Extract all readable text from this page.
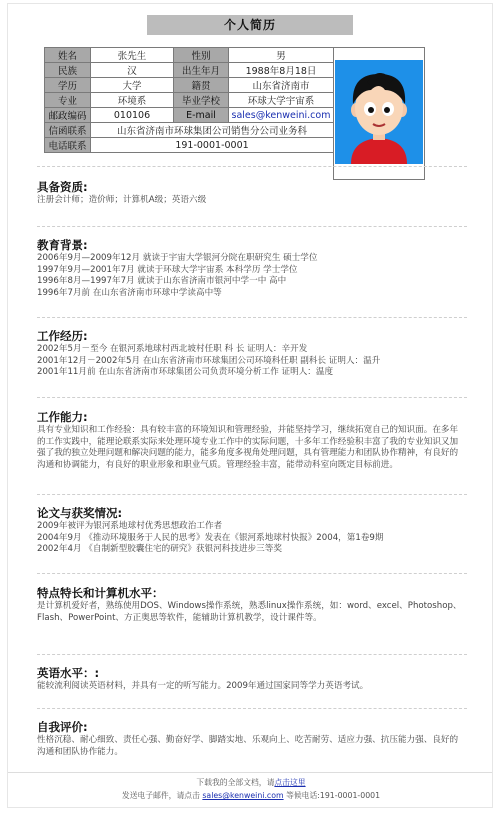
个人简历
姓名	张先生	性别	男	
民族	汉	出生年月	1988年8月18日	
学历	大学	籍贯	山东省济南市	
专业	环境系	毕业学校	环球大学宇宙系	
邮政编码	010106	E-mail	sales@kenweini.com	
信函联系	山东省济南市环球集团公司销售分公司业务科			
电话联系	191-0001-0001			

具备资质:

注册会计师；造价师；计算机A级；英语六级

教育背景:

2006年9月—2009年12月 就读于宇宙大学银河分院在职研究生 硕士学位

1997年9月—2001年7月 就读于环球大学宇宙系 本科学历 学士学位

1996年8月—1997年7月 就读于山东省济南市银河中学一中 高中

1996年7月前 在山东省济南市环球中学读高中等

工作经历:

2002年5月－至今 在银河系地球村西北坡村任职 科 长 证明人：辛开发

2001年12月－2002年5月 在山东省济南市环球集团公司环境科任职 副科长 证明人：温升

2001年11月前 在山东省济南市环球集团公司负责环境分析工作 证明人：温度

工作能力:

具有专业知识和工作经验：具有较丰富的环境知识和管理经验，并能坚持学习，继续拓宽自己的知识面。在多年的工作实践中，能理论联系实际来处理环境专业工作中的实际问题，十多年工作经验积丰富了我的专业知识又加强了我的独立处理问题和解决问题的能力，能多角度多视角处理问题，具有管理能力和团队协作精神，有良好的沟通和协调能力，有良好的职业形象和职业气质。管理经验丰富，能带动科室向既定目标前进。

论文与获奖情况:

2009年被评为银河系地球村优秀思想政治工作者

2004年9月 《推动环境服务于人民的思考》发表在《银河系地球村快报》2004，第1卷9期

2002年4月 《自制新型胶囊住宅的研究》获银河科技进步三等奖

特点特长和计算机水平：

是计算机爱好者，熟练使用DOS、Windows操作系统，熟悉linux操作系统，如：word、excel、Photoshop、Flash、PowerPoint、方正奥思等软件，能辅助计算机教学，设计课件等。

英语水平：:

能较流利阅读英语材料，并具有一定的听写能力。2009年通过国家同等学力英语考试。

自我评价:

性格沉稳、耐心细致、责任心强、勤奋好学、脚踏实地、乐观向上、吃苦耐劳、适应力强、抗压能力强、良好的沟通和团队协作能力。

下载我的全部文档，请点击这里
发送电子邮件，请点击 sales@kenweini.com 等候电话:191-0001-0001
